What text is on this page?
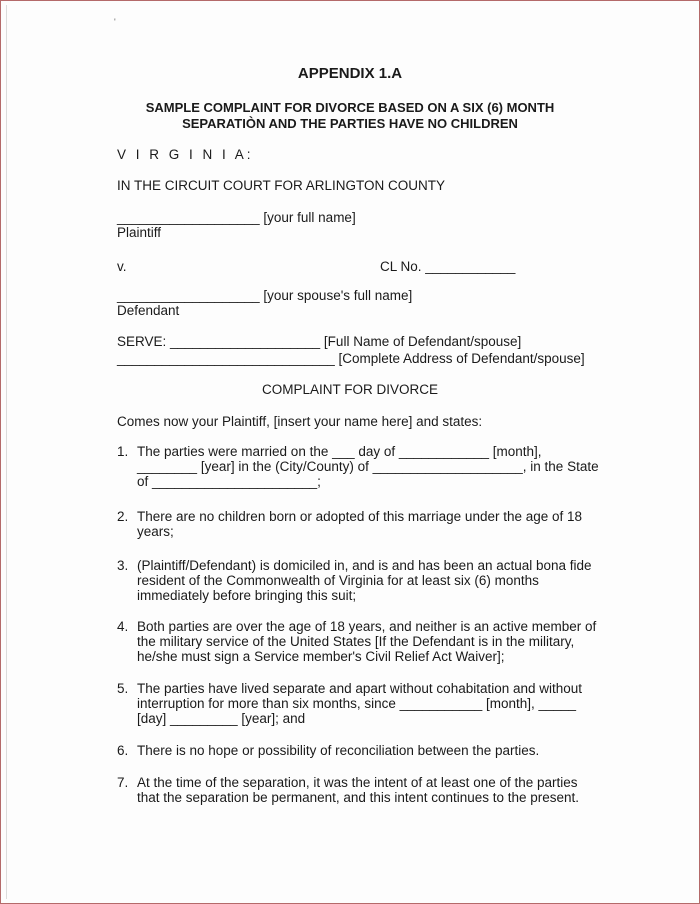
'
APPENDIX 1.A
SAMPLE COMPLAINT FOR DIVORCE BASED ON A SIX (6) MONTH
SEPARATIÒN AND THE PARTIES HAVE NO CHILDREN
V I R G I N I A:
IN THE CIRCUIT COURT FOR ARLINGTON COUNTY
___________________ [your full name]
Plaintiff
v.	CL No. ____________
___________________ [your spouse's full name]
Defendant
SERVE: ____________________ [Full Name of Defendant/spouse]
_____________________________ [Complete Address of Defendant/spouse]
COMPLAINT FOR DIVORCE
Comes now your Plaintiff, [insert your name here] and states:
1. The parties were married on the ___ day of ____________ [month],
________ [year] in the (City/County) of ____________________, in the State
of ______________________;
2. There are no children born or adopted of this marriage under the age of 18
years;
3. (Plaintiff/Defendant) is domiciled in, and is and has been an actual bona fide
resident of the Commonwealth of Virginia for at least six (6) months
immediately before bringing this suit;
4. Both parties are over the age of 18 years, and neither is an active member of
the military service of the United States [If the Defendant is in the military,
he/she must sign a Service member's Civil Relief Act Waiver];
5. The parties have lived separate and apart without cohabitation and without
interruption for more than six months, since ___________ [month], _____
[day] _________ [year]; and
6. There is no hope or possibility of reconciliation between the parties.
7. At the time of the separation, it was the intent of at least one of the parties
that the separation be permanent, and this intent continues to the present.
